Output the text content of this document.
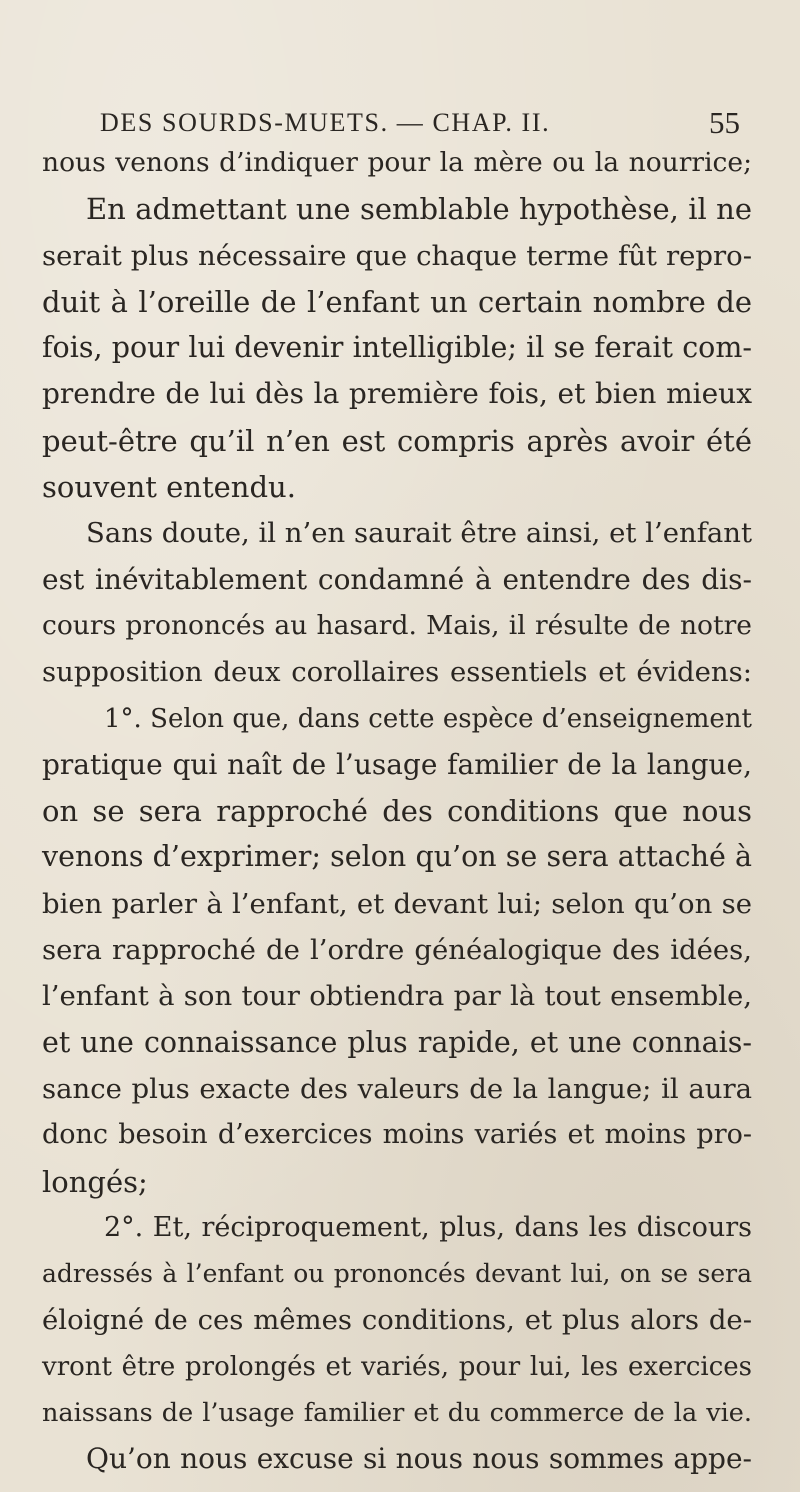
DES SOURDS-MUETS. — CHAP. II.	55
nous venons d’indiquer pour la mère ou la nourrice;
En admettant une semblable hypothèse, il ne
serait plus nécessaire que chaque terme fût repro-
duit à l’oreille de l’enfant un certain nombre de
fois, pour lui devenir intelligible; il se ferait com-
prendre de lui dès la première fois, et bien mieux
peut-être qu’il n’en est compris après avoir été
souvent entendu.
Sans doute, il n’en saurait être ainsi, et l’enfant
est inévitablement condamné à entendre des dis-
cours prononcés au hasard. Mais, il résulte de notre
supposition deux corollaires essentiels et évidens:
1°. Selon que, dans cette espèce d’enseignement
pratique qui naît de l’usage familier de la langue,
on se sera rapproché des conditions que nous
venons d’exprimer; selon qu’on se sera attaché à
bien parler à l’enfant, et devant lui; selon qu’on se
sera rapproché de l’ordre généalogique des idées,
l’enfant à son tour obtiendra par là tout ensemble,
et une connaissance plus rapide, et une connais-
sance plus exacte des valeurs de la langue; il aura
donc besoin d’exercices moins variés et moins pro-
longés;
2°. Et, réciproquement, plus, dans les discours
adressés à l’enfant ou prononcés devant lui, on se sera
éloigné de ces mêmes conditions, et plus alors de-
vront être prolongés et variés, pour lui, les exercices
naissans de l’usage familier et du commerce de la vie.
Qu’on nous excuse si nous nous sommes appe-
